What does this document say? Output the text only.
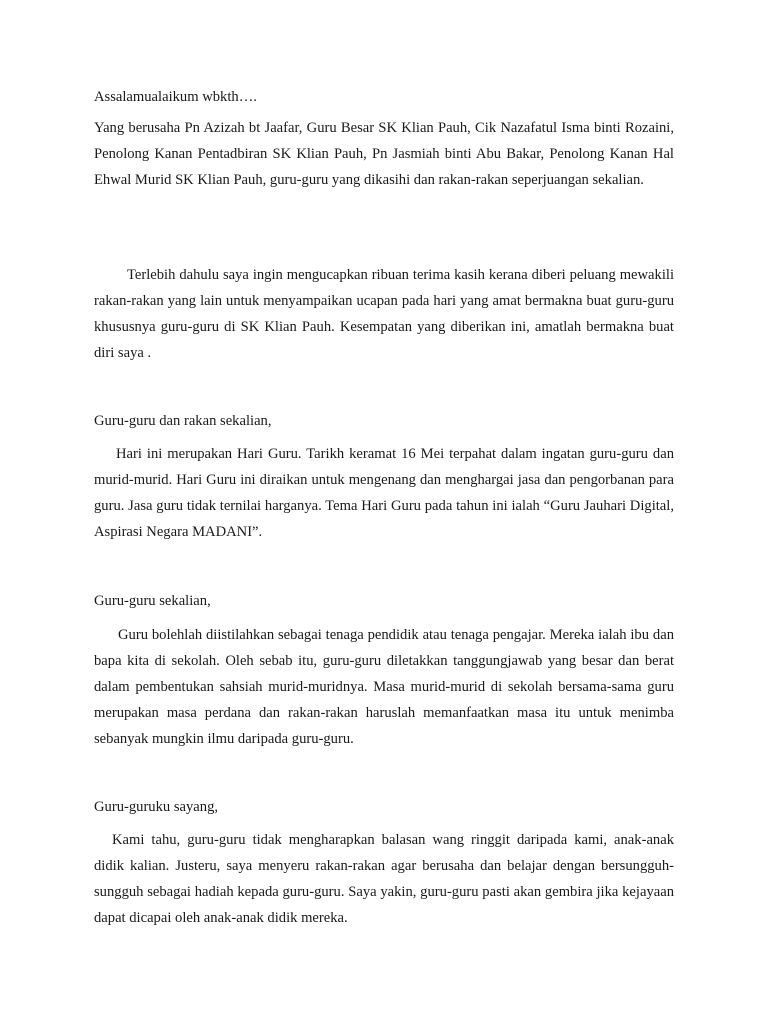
Assalamualaikum wbkth….

Yang berusaha Pn Azizah bt Jaafar, Guru Besar SK Klian Pauh, Cik Nazafatul Isma binti Rozaini, Penolong Kanan Pentadbiran SK Klian Pauh, Pn Jasmiah binti Abu Bakar, Penolong Kanan Hal Ehwal Murid SK Klian Pauh, guru-guru yang dikasihi dan rakan-rakan seperjuangan sekalian.

Terlebih dahulu saya ingin mengucapkan ribuan terima kasih kerana diberi peluang mewakili rakan-rakan yang lain untuk menyampaikan ucapan pada hari yang amat bermakna buat guru-guru khususnya guru-guru di SK Klian Pauh. Kesempatan yang diberikan ini, amatlah bermakna buat diri saya .

Guru-guru dan rakan sekalian,

Hari ini merupakan Hari Guru. Tarikh keramat 16 Mei terpahat dalam ingatan guru-guru dan murid-murid. Hari Guru ini diraikan untuk mengenang dan menghargai jasa dan pengorbanan para guru. Jasa guru tidak ternilai harganya. Tema Hari Guru pada tahun ini ialah “Guru Jauhari Digital, Aspirasi Negara MADANI”.

Guru-guru sekalian,

Guru bolehlah diistilahkan sebagai tenaga pendidik atau tenaga pengajar. Mereka ialah ibu dan bapa kita di sekolah. Oleh sebab itu, guru-guru diletakkan tanggungjawab yang besar dan berat dalam pembentukan sahsiah murid-muridnya. Masa murid-murid di sekolah bersama-sama guru merupakan masa perdana dan rakan-rakan haruslah memanfaatkan masa itu untuk menimba sebanyak mungkin ilmu daripada guru-guru.

Guru-guruku sayang,

Kami tahu, guru-guru tidak mengharapkan balasan wang ringgit daripada kami, anak-anak didik kalian. Justeru, saya menyeru rakan-rakan agar berusaha dan belajar dengan bersungguh-sungguh sebagai hadiah kepada guru-guru. Saya yakin, guru-guru pasti akan gembira jika kejayaan dapat dicapai oleh anak-anak didik mereka.
